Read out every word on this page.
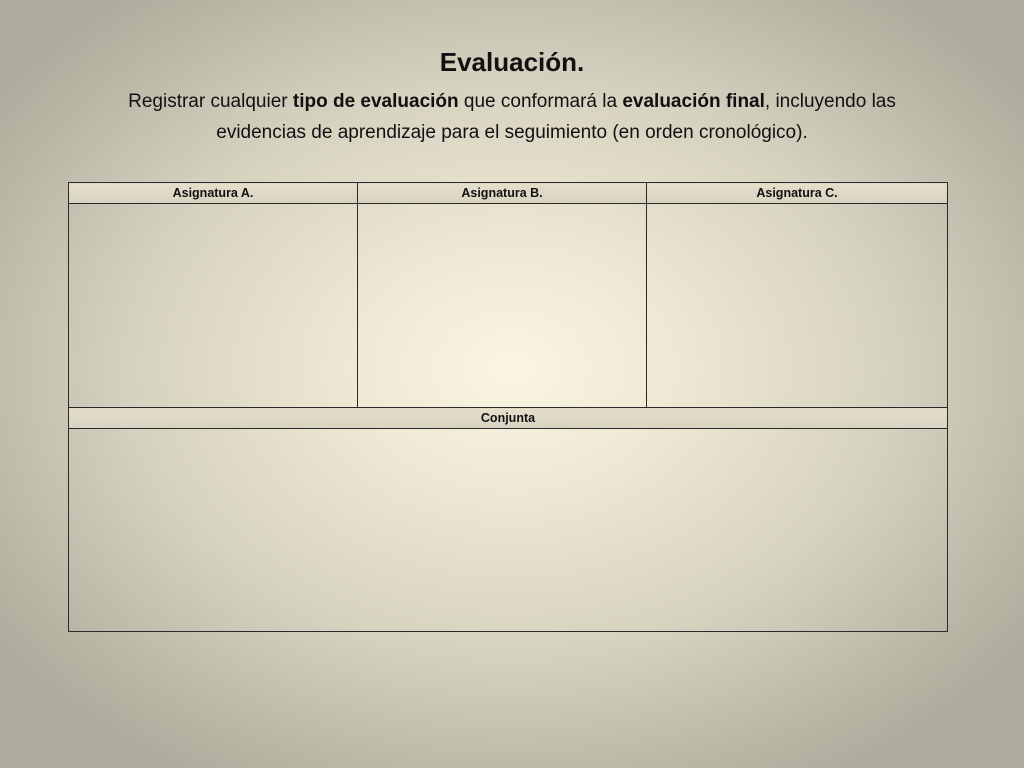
Evaluación.
Registrar cualquier tipo de evaluación que conformará la evaluación final, incluyendo las evidencias de aprendizaje para el seguimiento (en orden cronológico).
Asignatura A.	Asignatura B.	Asignatura C.

Conjunta		
